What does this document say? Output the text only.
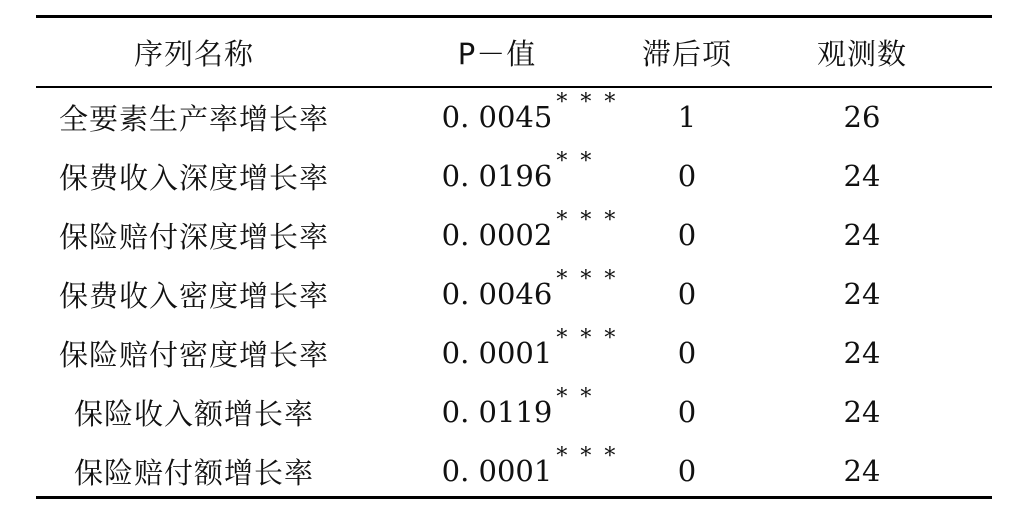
序列名称	P－值	滞后项	观测数
全要素生产率增长率	0. 0045 * * *	1	26
保费收入深度增长率	0. 0196 * *	0	24
保险赔付深度增长率	0. 0002 * * *	0	24
保费收入密度增长率	0. 0046 * * *	0	24
保险赔付密度增长率	0. 0001 * * *	0	24
保险收入额增长率	0. 0119 * *	0	24
保险赔付额增长率	0. 0001 * * *	0	24
